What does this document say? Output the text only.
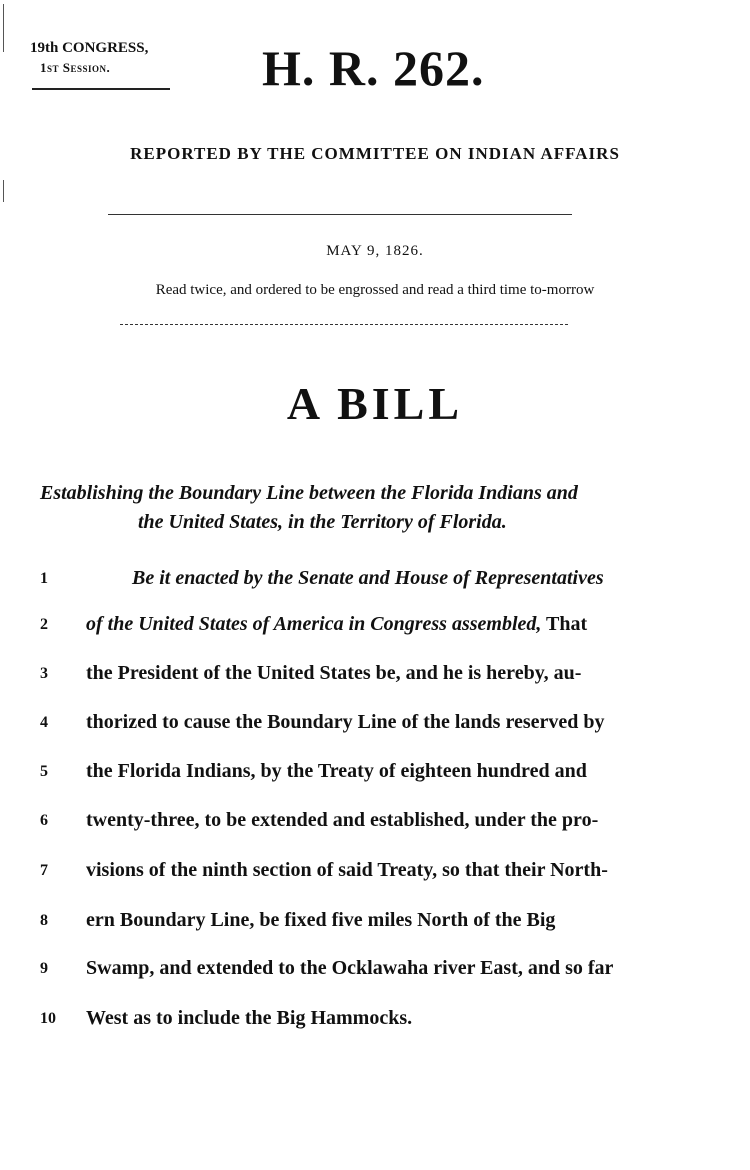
19th CONGRESS,
1st Session.	H. R. 262.
REPORTED BY THE COMMITTEE ON INDIAN AFFAIRS
MAY 9, 1826.
Read twice, and ordered to be engrossed and read a third time to-morrow
A BILL
Establishing the Boundary Line between the Florida Indians and
the United States, in the Territory of Florida.
1	Be it enacted by the Senate and House of Representatives
2	of the United States of America in Congress assembled, That
3	the President of the United States be, and he is hereby, au-
4	thorized to cause the Boundary Line of the lands reserved by
5	the Florida Indians, by the Treaty of eighteen hundred and
6	twenty-three, to be extended and established, under the pro-
7	visions of the ninth section of said Treaty, so that their North-
8	ern Boundary Line, be fixed five miles North of the Big
9	Swamp, and extended to the Ocklawaha river East, and so far
10	West as to include the Big Hammocks.
